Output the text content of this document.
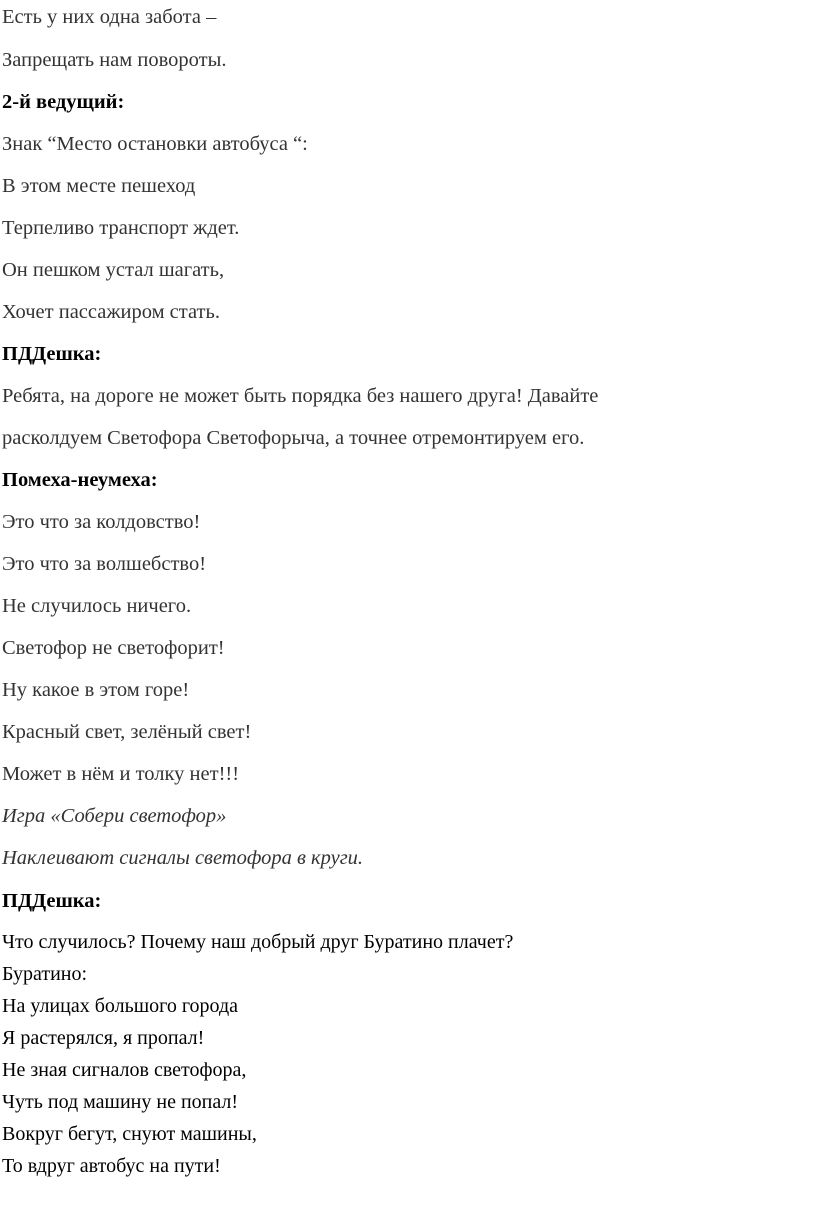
Есть у них одна забота –
Запрещать нам повороты.
2-й ведущий:
Знак “Место остановки автобуса “:
В этом месте пешеход
Терпеливо транспорт ждет.
Он пешком устал шагать,
Хочет пассажиром стать.
ПДДешка:
Ребята, на дороге не может быть порядка без нашего друга! Давайте
расколдуем Светофора Светофорыча, а точнее отремонтируем его.
Помеха-неумеха:
Это что за колдовство!
Это что за волшебство!
Не случилось ничего.
Светофор не светофорит!
Ну какое в этом горе!
Красный свет, зелёный свет!
Может в нём и толку нет!!!
Игра «Собери светофор»
Наклеивают сигналы светофора в круги.
ПДДешка:
Что случилось? Почему наш добрый друг Буратино плачет?
Буратино:
На улицах большого города
Я растерялся, я пропал!
Не зная сигналов светофора,
Чуть под машину не попал!
Вокруг бегут, снуют машины,
То вдруг автобус на пути!
